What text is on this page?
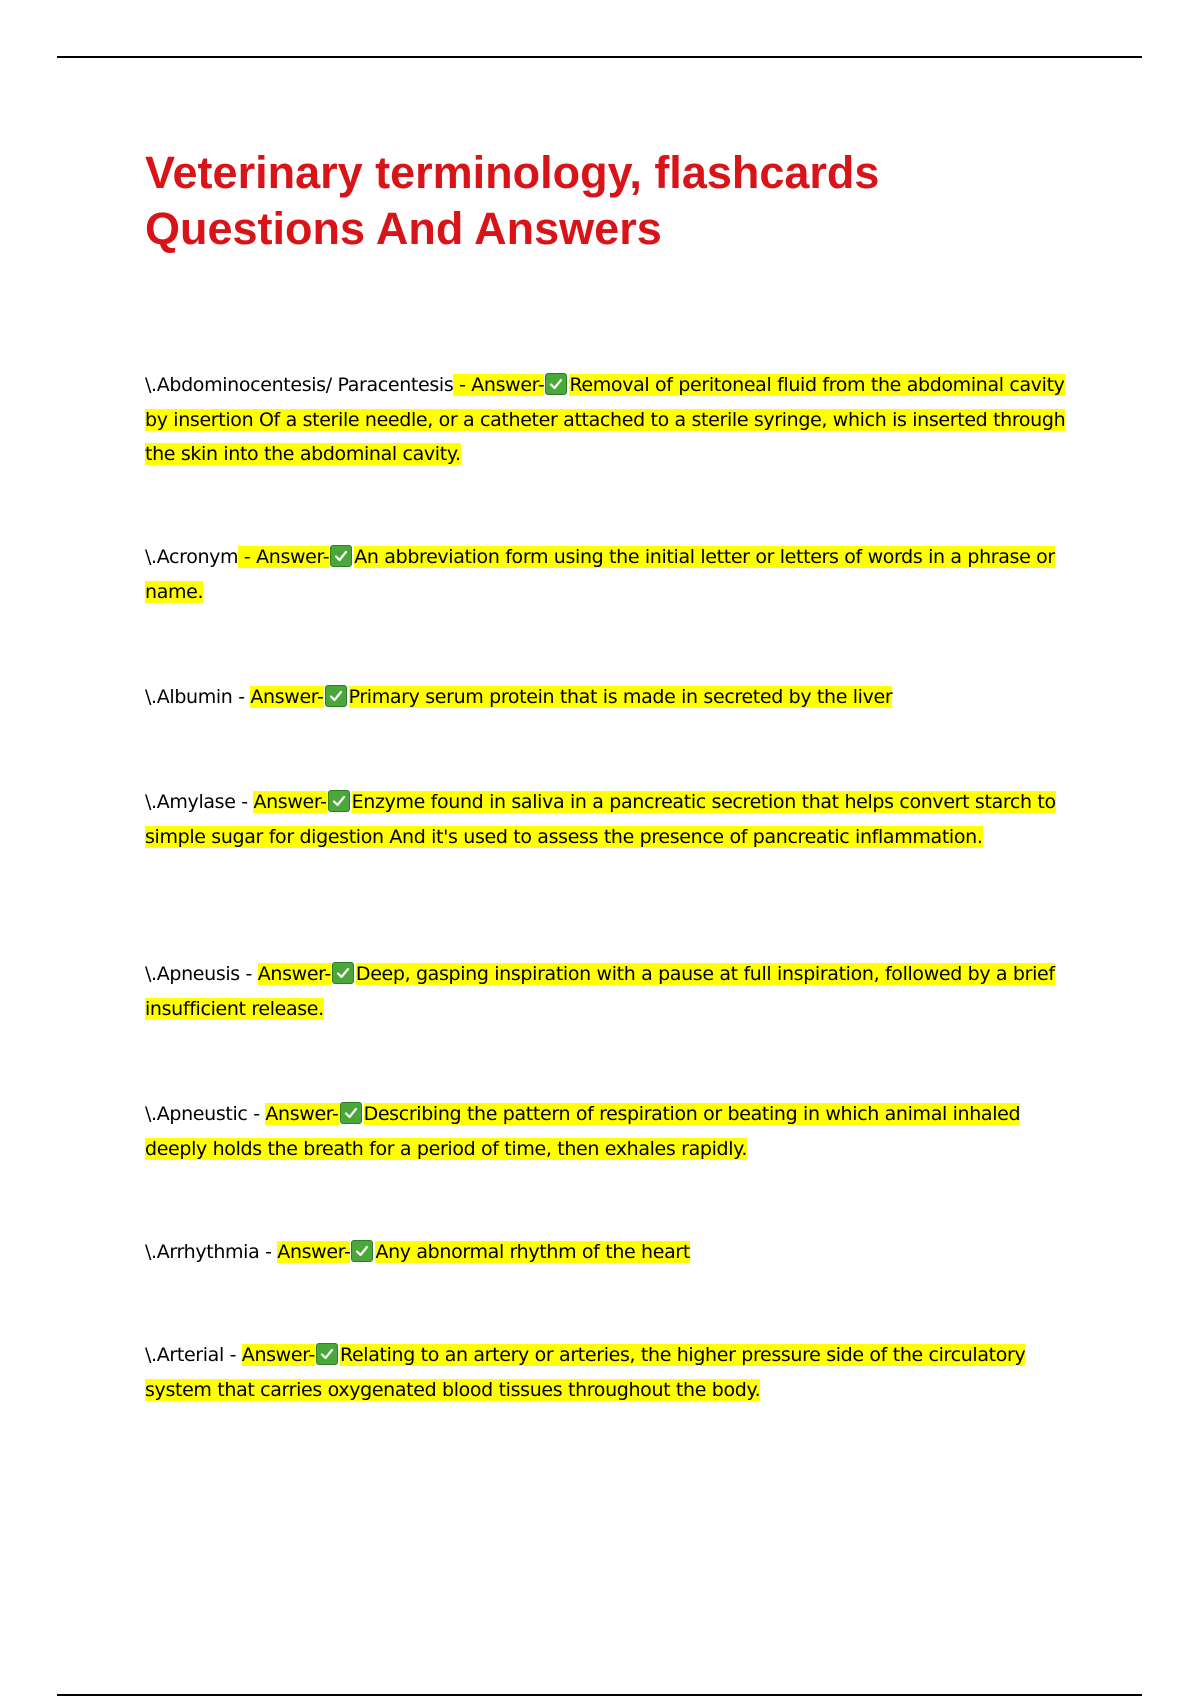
Veterinary terminology, flashcards
Questions And Answers

\.Abdominocentesis/ Paracentesis - Answer- Removal of peritoneal fluid from the abdominal cavity by insertion Of a sterile needle, or a catheter attached to a sterile syringe, which is inserted through the skin into the abdominal cavity.

\.Acronym - Answer- An abbreviation form using the initial letter or letters of words in a phrase or name.

\.Albumin - Answer- Primary serum protein that is made in secreted by the liver

\.Amylase - Answer- Enzyme found in saliva in a pancreatic secretion that helps convert starch to simple sugar for digestion And it's used to assess the presence of pancreatic inflammation.

\.Apneusis - Answer- Deep, gasping inspiration with a pause at full inspiration, followed by a brief insufficient release.

\.Apneustic - Answer- Describing the pattern of respiration or beating in which animal inhaled deeply holds the breath for a period of time, then exhales rapidly.

\.Arrhythmia - Answer- Any abnormal rhythm of the heart

\.Arterial - Answer- Relating to an artery or arteries, the higher pressure side of the circulatory system that carries oxygenated blood tissues throughout the body.
